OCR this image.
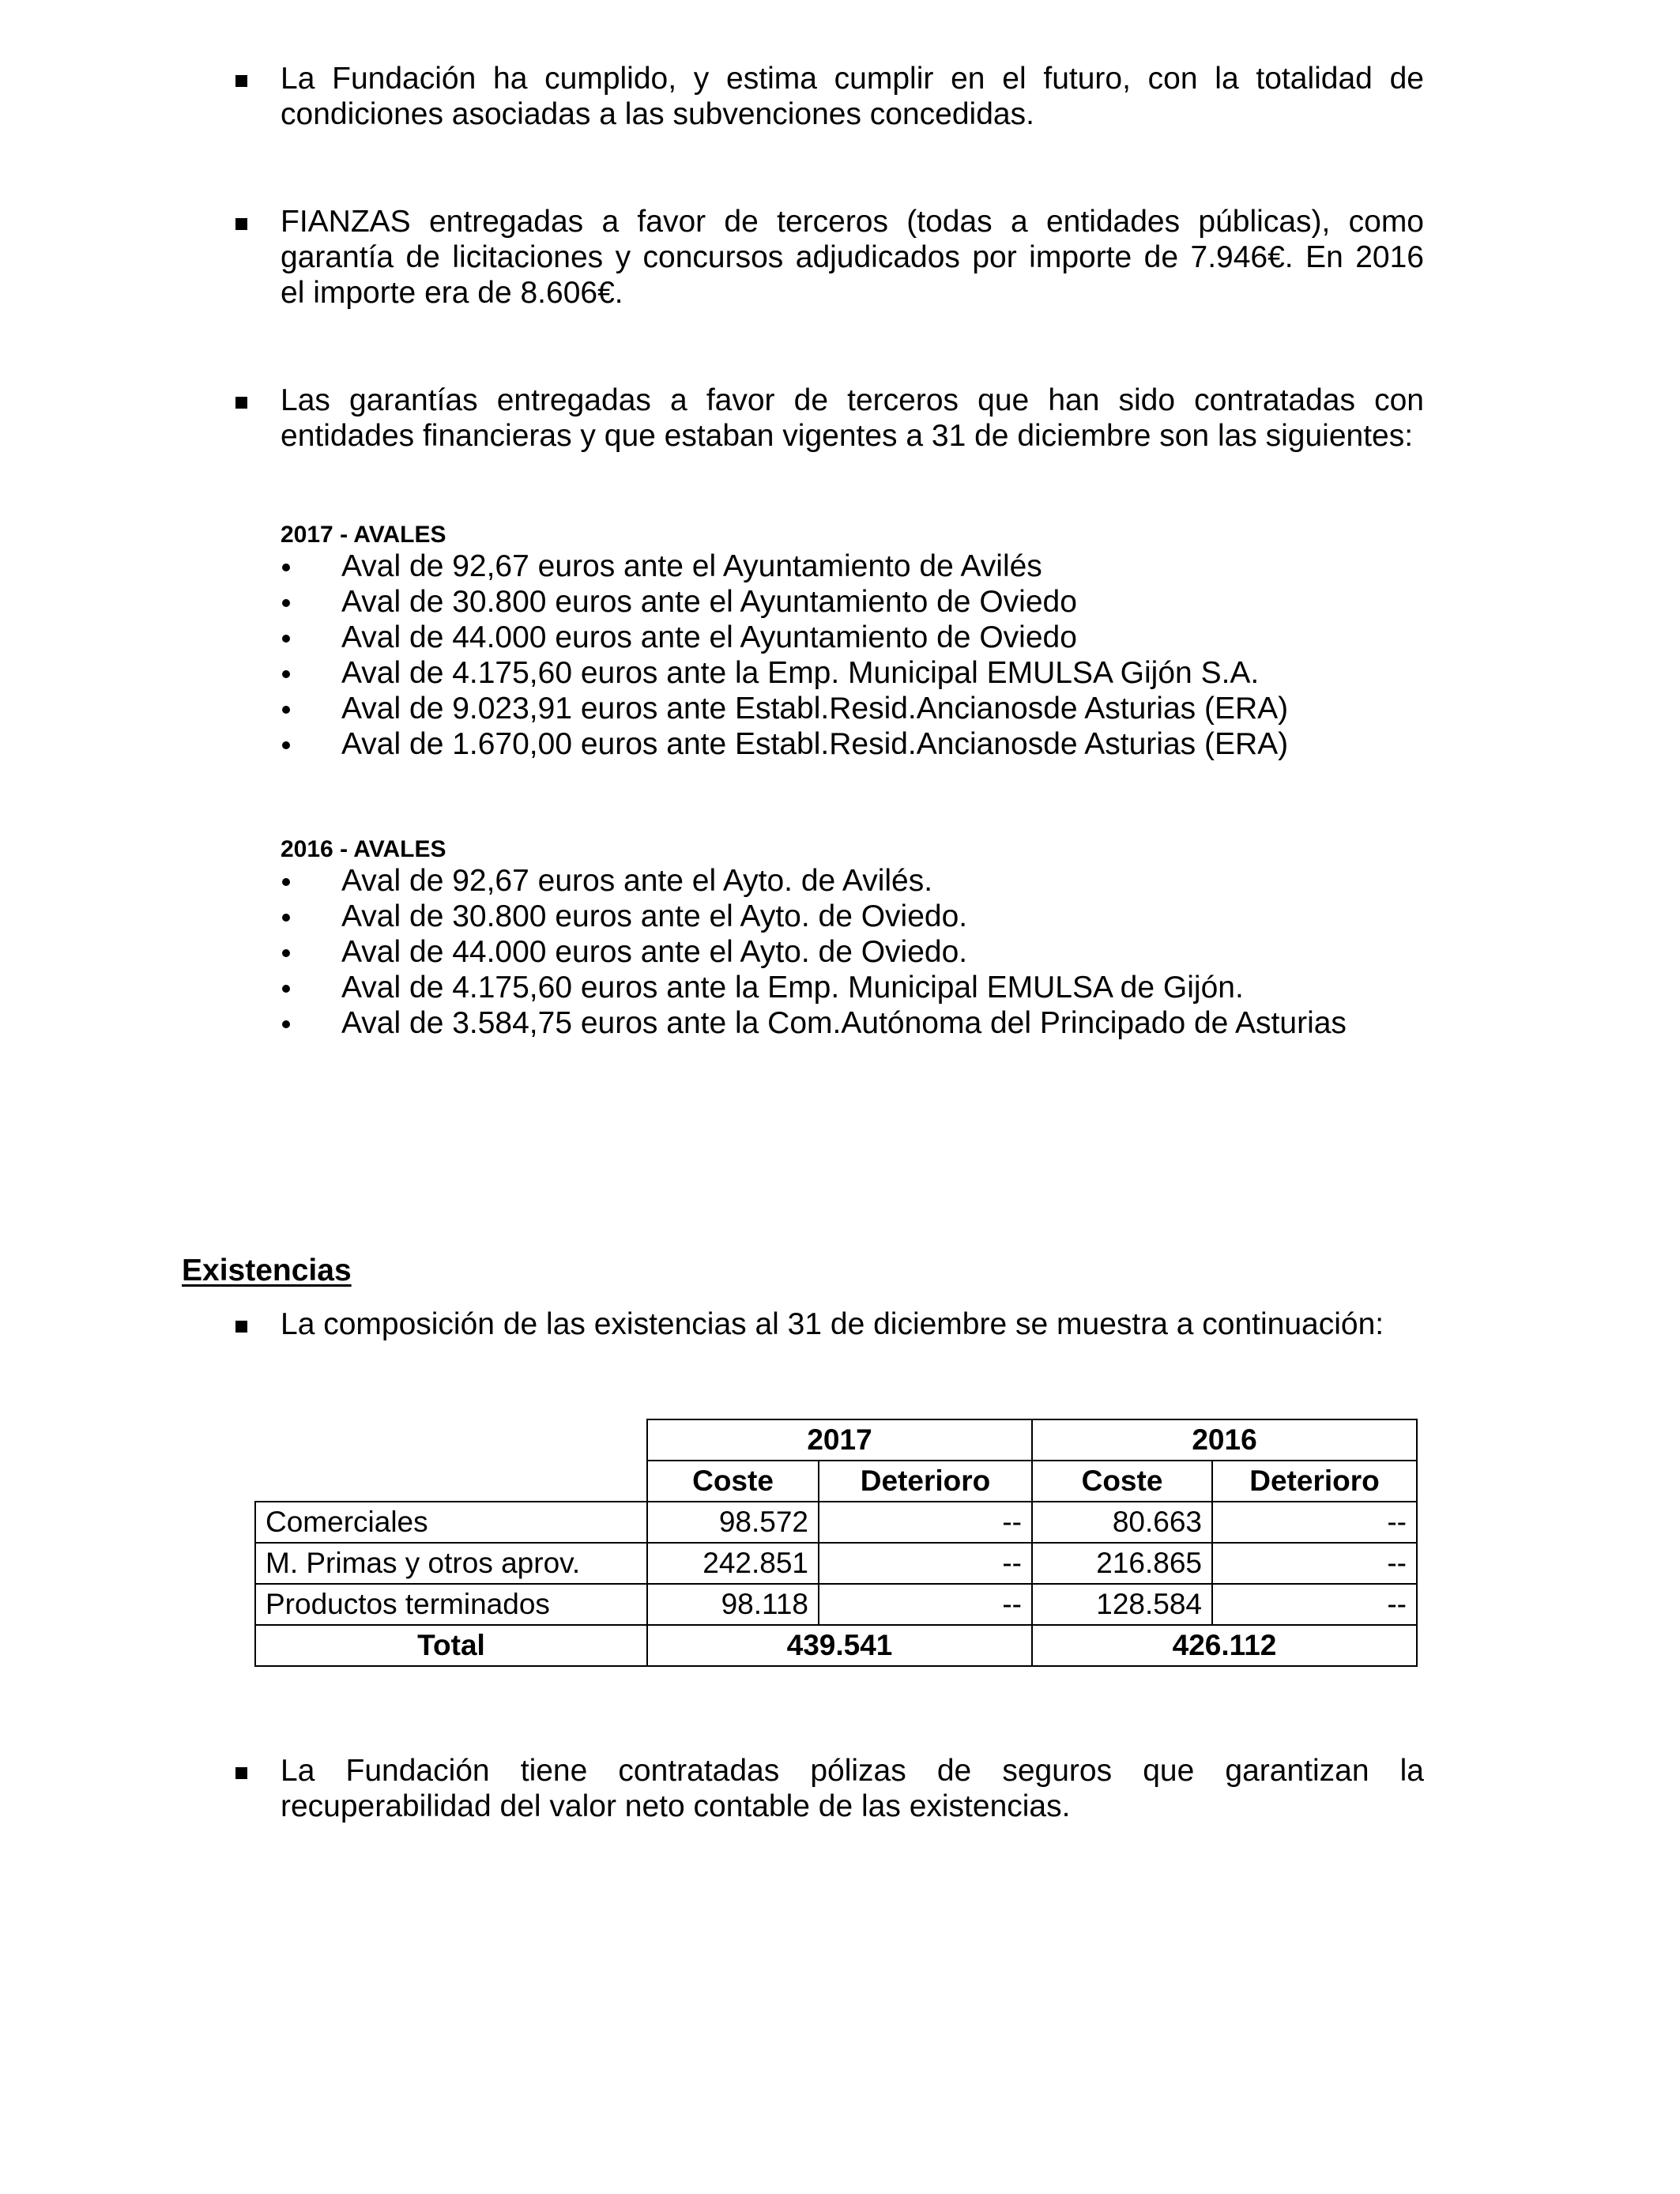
La Fundación ha cumplido, y estima cumplir en el futuro, con la totalidad de
condiciones asociadas a las subvenciones concedidas.
FIANZAS entregadas a favor de terceros (todas a entidades públicas), como
garantía de licitaciones y concursos adjudicados por importe de 7.946€. En 2016
el importe era de 8.606€.
Las garantías entregadas a favor de terceros que han sido contratadas con
entidades financieras y que estaban vigentes a 31 de diciembre son las siguientes:
2017 - AVALES
Aval de 92,67 euros ante el Ayuntamiento de Avilés
Aval de 30.800 euros ante el Ayuntamiento de Oviedo
Aval de 44.000 euros ante el Ayuntamiento de Oviedo
Aval de 4.175,60 euros ante la Emp. Municipal EMULSA Gijón S.A.
Aval de 9.023,91 euros ante Establ.Resid.Ancianosde Asturias (ERA)
Aval de 1.670,00 euros ante Establ.Resid.Ancianosde Asturias (ERA)
2016 - AVALES
Aval de 92,67 euros ante el Ayto. de Avilés.
Aval de 30.800 euros ante el Ayto. de Oviedo.
Aval de 44.000 euros ante el Ayto. de Oviedo.
Aval de 4.175,60 euros ante la Emp. Municipal EMULSA de Gijón.
Aval de 3.584,75 euros ante la Com.Autónoma del Principado de Asturias
Existencias
La composición de las existencias al 31 de diciembre se muestra a continuación:
	2017		2016	
	Coste	Deterioro	Coste	Deterioro
Comerciales	98.572	--	80.663	--
M. Primas y otros aprov.	242.851	--	216.865	--
Productos terminados	98.118	--	128.584	--
Total	439.541		426.112	
La Fundación tiene contratadas pólizas de seguros que garantizan la
recuperabilidad del valor neto contable de las existencias.
